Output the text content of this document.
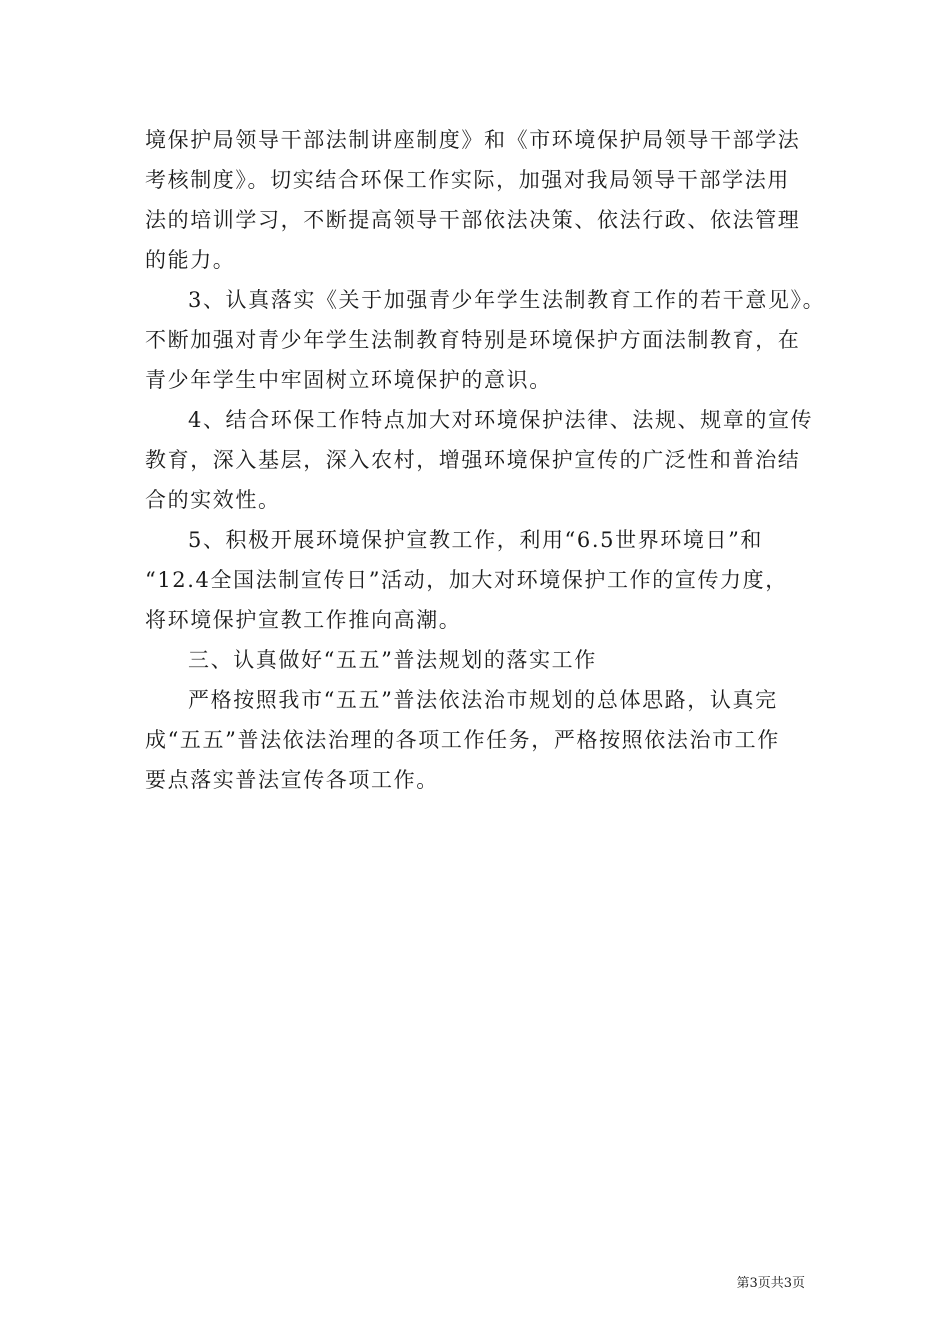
境保护局领导干部法制讲座制度》和《市环境保护局领导干部学法
考核制度》。切实结合环保工作实际，加强对我局领导干部学法用
法的培训学习，不断提高领导干部依法决策、依法行政、依法管理
的能力。
3、认真落实《关于加强青少年学生法制教育工作的若干意见》。
不断加强对青少年学生法制教育特别是环境保护方面法制教育，在
青少年学生中牢固树立环境保护的意识。
4、结合环保工作特点加大对环境保护法律、法规、规章的宣传
教育，深入基层，深入农村，增强环境保护宣传的广泛性和普治结
合的实效性。
5、积极开展环境保护宣教工作，利用“6.5世界环境日”和
“12.4全国法制宣传日”活动，加大对环境保护工作的宣传力度，
将环境保护宣教工作推向高潮。
三、认真做好“五五”普法规划的落实工作
严格按照我市“五五”普法依法治市规划的总体思路，认真完
成“五五”普法依法治理的各项工作任务，严格按照依法治市工作
要点落实普法宣传各项工作。
第3页共3页
